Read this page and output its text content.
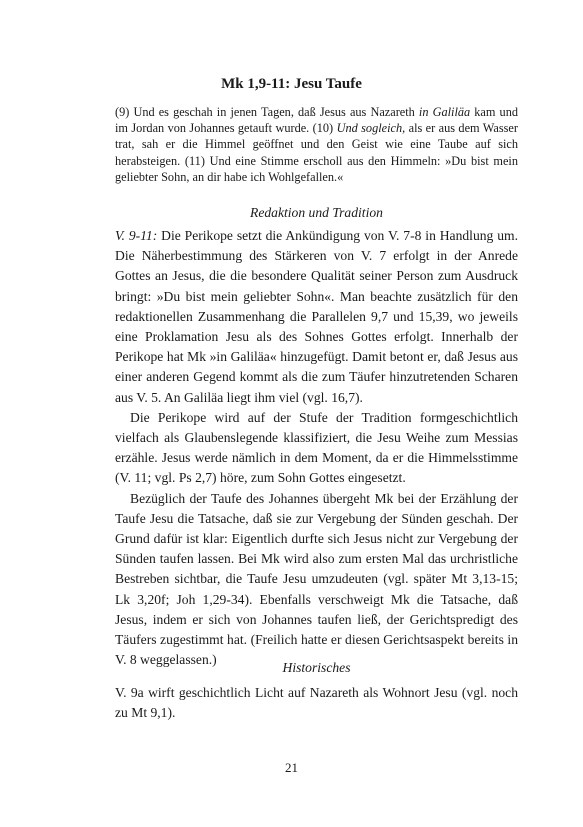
Mk 1,9-11: Jesu Taufe

(9) Und es geschah in jenen Tagen, daß Jesus aus Nazareth in Galiläa kam und im Jordan von Johannes getauft wurde. (10) Und sogleich, als er aus dem Wasser trat, sah er die Himmel geöffnet und den Geist wie eine Taube auf sich herabsteigen. (11) Und eine Stimme erscholl aus den Himmeln: »Du bist mein geliebter Sohn, an dir habe ich Wohlgefallen.«

Redaktion und Tradition

V. 9-11: Die Perikope setzt die Ankündigung von V. 7-8 in Handlung um. Die Näherbestimmung des Stärkeren von V. 7 erfolgt in der Anrede Gottes an Jesus, die die besondere Qualität seiner Person zum Ausdruck bringt: »Du bist mein geliebter Sohn«. Man beachte zusätzlich für den redaktionellen Zusammenhang die Parallelen 9,7 und 15,39, wo jeweils eine Proklamation Jesu als des Sohnes Gottes erfolgt. Innerhalb der Perikope hat Mk »in Galiläa« hinzugefügt. Damit betont er, daß Jesus aus einer anderen Gegend kommt als die zum Täufer hinzutretenden Scharen aus V. 5. An Galiläa liegt ihm viel (vgl. 16,7).

Die Perikope wird auf der Stufe der Tradition formgeschichtlich vielfach als Glaubenslegende klassifiziert, die Jesu Weihe zum Messias erzähle. Jesus werde nämlich in dem Moment, da er die Himmelsstimme (V. 11; vgl. Ps 2,7) höre, zum Sohn Gottes eingesetzt.

Bezüglich der Taufe des Johannes übergeht Mk bei der Erzählung der Taufe Jesu die Tatsache, daß sie zur Vergebung der Sünden geschah. Der Grund dafür ist klar: Eigentlich durfte sich Jesus nicht zur Vergebung der Sünden taufen lassen. Bei Mk wird also zum ersten Mal das urchristliche Bestreben sichtbar, die Taufe Jesu umzudeuten (vgl. später Mt 3,13-15; Lk 3,20f; Joh 1,29-34). Ebenfalls verschweigt Mk die Tatsache, daß Jesus, indem er sich von Johannes taufen ließ, der Gerichtspredigt des Täufers zugestimmt hat. (Freilich hatte er diesen Gerichtsaspekt bereits in V. 8 weggelassen.)

Historisches

V. 9a wirft geschichtlich Licht auf Nazareth als Wohnort Jesu (vgl. noch zu Mt 9,1).

21
